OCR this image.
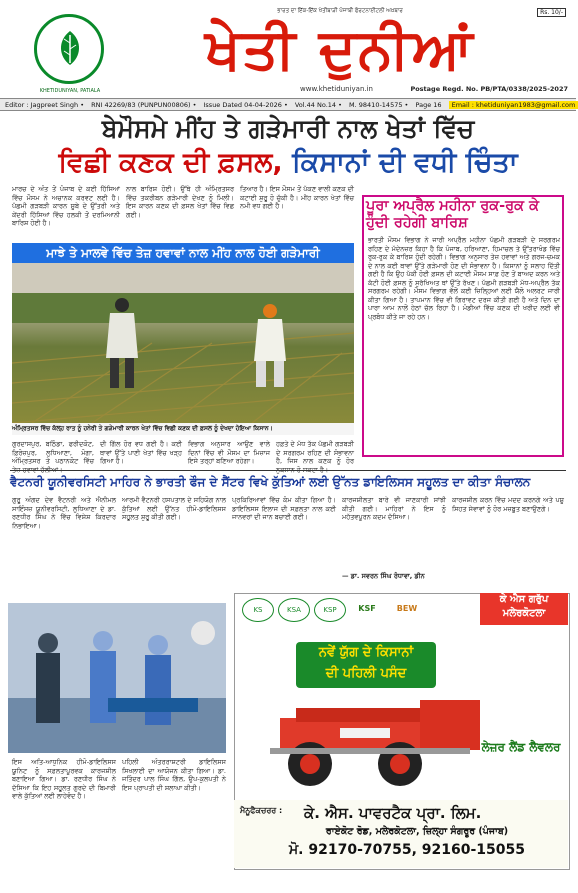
KHETIDUNIYAN, PATIALA
ਭਾਰਤ ਦਾ ਇੱਕ-ਇੱਕ ਖੇਤੀਬਾੜੀ ਪੰਜਾਬੀ ਫੋਰਟਨਾਈਟਲੀ ਅਖ਼ਬਾਰ
ਖੇਤੀ ਦੁਨੀਆਂ
Rs. 10/-
www.khetiduniyan.in	Postage Regd. No. PB/PTA/0338/2025-2027
Editor : Jagpreet Singh • RNI 42269/83 (PUNPUN00806) • Issue Dated 04-04-2026 • Vol.44 No.14 • M. 98410-14575 • Page 16 Email : khetiduniyan1983@gmail.com
ਬੇਮੌਸਮੇ ਮੀਂਹ ਤੇ ਗੜੇਮਾਰੀ ਨਾਲ ਖੇਤਾਂ ਵਿੱਚ
ਵਿਛੀ ਕਣਕ ਦੀ ਫ਼ਸਲ, ਕਿਸਾਨਾਂ ਦੀ ਵਧੀ ਚਿੰਤਾ
ਮਾਰਚ ਦੇ ਅੰਤ ਤੋਂ ਪੰਜਾਬ ਦੇ ਕਈ ਹਿੱਸਿਆਂ ਵਿੱਚ ਮੌਸਮ ਨੇ ਅਚਾਨਕ ਕਰਵਟ ਲਈ ਹੈ। ਪੱਛਮੀ ਗੜਬੜੀ ਕਾਰਨ ਸੂਬੇ ਦੇ ਉੱਤਰੀ ਅਤੇ ਕੇਂਦਰੀ ਹਿੱਸਿਆਂ ਵਿੱਚ ਹਲਕੀ ਤੋਂ ਦਰਮਿਆਨੀ ਬਾਰਿਸ਼ ਹੋਈ ਹੈ।
ਨਾਲ ਬਾਰਿਸ਼ ਹੋਈ। ਉੱਥੇ ਹੀ ਅੰਮ੍ਰਿਤਸਰ ਵਿੱਚ ਤਕਰੀਬਨ ਗੜੇਮਾਰੀ ਦੇਖਣ ਨੂੰ ਮਿਲੀ। ਇਸ ਕਾਰਨ ਕਣਕ ਦੀ ਫ਼ਸਲ ਖੇਤਾਂ ਵਿੱਚ ਵਿਛ ਗਈ।
ਤਿਆਰ ਹੈ। ਇਸ ਮੌਸਮ ਤੋਂ ਪੱਕਣ ਵਾਲੀ ਕਣਕ ਦੀ ਕਟਾਈ ਸ਼ੁਰੂ ਹੋ ਚੁੱਕੀ ਹੈ। ਮੀਂਹ ਕਾਰਨ ਖੇਤਾਂ ਵਿੱਚ ਨਮੀ ਵਧ ਗਈ ਹੈ।
ਮਾਝੇ ਤੇ ਮਾਲਵੇ ਵਿੱਚ ਤੇਜ਼ ਹਵਾਵਾਂ ਨਾਲ ਮੀਂਹ ਨਾਲ ਹੋਈ ਗੜੇਮਾਰੀ
ਅੰਮ੍ਰਿਤਸਰ ਵਿੱਚ ਕੱਲ੍ਹ ਰਾਤ ਨੂੰ ਹਨੇਰੀ ਤੇ ਗੜੇਮਾਰੀ ਕਾਰਨ ਖੇਤਾਂ ਵਿੱਚ ਵਿਛੀ ਕਣਕ ਦੀ ਫ਼ਸਲ ਨੂੰ ਦੇਖਦਾ ਹੋਇਆ ਕਿਸਾਨ।
ਗੁਰਦਾਸਪੁਰ, ਬਠਿੰਡਾ, ਫਰੀਦਕੋਟ, ਫ਼ਿਰੋਜ਼ਪੁਰ, ਲੁਧਿਆਣਾ, ਮੋਗਾ, ਅੰਮ੍ਰਿਤਸਰ ਤੇ ਪਠਾਨਕੋਟ ਵਿੱਚ
ਦੀ ਗਿੱਲ ਹੋਰ ਵਧ ਗਈ ਹੈ। ਕਈ ਥਾਵਾਂ ਉੱਤੇ ਪਾਣੀ ਖੇਤਾਂ ਵਿੱਚ ਖੜ੍ਹ ਗਿਆ ਹੈ।
ਵਿਭਾਗ ਅਨੁਸਾਰ ਆਉਣ ਵਾਲੇ ਦਿਨਾਂ ਵਿੱਚ ਵੀ ਮੌਸਮ ਦਾ ਮਿਜ਼ਾਜ ਇਸੇ ਤਰ੍ਹਾਂ ਬਣਿਆ ਰਹੇਗਾ।
ਹਫ਼ਤੇ ਦੇ ਮੱਧ ਤੱਕ ਪੱਛਮੀ ਗੜਬੜੀ ਦੇ ਸਰਗਰਮ ਰਹਿਣ ਦੀ ਸੰਭਾਵਨਾ ਹੈ, ਜਿਸ ਨਾਲ ਕਣਕ ਨੂੰ ਹੋਰ
ਪੂਰਾ ਅਪ੍ਰੈਲ ਮਹੀਨਾ ਰੁਕ-ਰੁਕ ਕੇ ਹੁੰਦੀ ਰਹੇਗੀ ਬਾਰਿਸ਼
ਭਾਰਤੀ ਮੌਸਮ ਵਿਭਾਗ ਨੇ ਜਾਰੀ ਅਪ੍ਰੈਲ ਮਹੀਨਾ ਪੱਛਮੀ ਗੜਬੜੀ ਦੇ ਸਰਗਰਮ ਰਹਿਣ ਦੇ ਮੱਦੇਨਜ਼ਰ ਕਿਹਾ ਹੈ ਕਿ ਪੰਜਾਬ, ਹਰਿਆਣਾ, ਹਿਮਾਚਲ ਤੇ ਉੱਤਰਾਖੰਡ ਵਿੱਚ ਰੁਕ-ਰੁਕ ਕੇ ਬਾਰਿਸ਼ ਹੁੰਦੀ ਰਹੇਗੀ। ਵਿਭਾਗ ਅਨੁਸਾਰ ਤੇਜ਼ ਹਵਾਵਾਂ ਅਤੇ ਗਰਜ-ਚਮਕ ਦੇ ਨਾਲ ਕਈ ਥਾਵਾਂ ਉੱਤੇ ਗੜੇਮਾਰੀ ਹੋਣ ਦੀ ਸੰਭਾਵਨਾ ਹੈ। ਕਿਸਾਨਾਂ ਨੂੰ ਸਲਾਹ ਦਿੱਤੀ ਗਈ ਹੈ ਕਿ ਉਹ ਪੱਕੀ ਹੋਈ ਫ਼ਸਲ ਦੀ ਕਟਾਈ ਮੌਸਮ ਸਾਫ਼ ਹੋਣ ਤੋਂ ਬਾਅਦ ਕਰਨ ਅਤੇ ਕੱਟੀ ਹੋਈ ਫ਼ਸਲ ਨੂੰ ਸੁਰੱਖਿਅਤ ਥਾਂ ਉੱਤੇ ਰੱਖਣ। ਪੱਛਮੀ ਗੜਬੜੀ ਮੱਧ-ਅਪ੍ਰੈਲ ਤੱਕ ਸਰਗਰਮ ਰਹੇਗੀ। ਮੌਸਮ ਵਿਭਾਗ ਵੱਲੋਂ ਕਈ ਜ਼ਿਲ੍ਹਿਆਂ ਲਈ ਯੈਲੋ ਅਲਰਟ ਜਾਰੀ ਕੀਤਾ ਗਿਆ ਹੈ। ਤਾਪਮਾਨ ਵਿੱਚ ਵੀ ਗਿਰਾਵਟ ਦਰਜ ਕੀਤੀ ਗਈ ਹੈ ਅਤੇ ਦਿਨ ਦਾ ਪਾਰਾ ਆਮ ਨਾਲੋਂ ਹੇਠਾਂ ਚੱਲ ਰਿਹਾ ਹੈ। ਮੰਡੀਆਂ ਵਿੱਚ ਕਣਕ ਦੀ ਖਰੀਦ ਲਈ ਵੀ ਪ੍ਰਬੰਧ ਕੀਤੇ ਜਾ ਰਹੇ ਹਨ।
ਵੈਟਨਰੀ ਯੂਨੀਵਰਸਿਟੀ ਮਾਹਿਰ ਨੇ ਭਾਰਤੀ ਫੌਜ ਦੇ ਸੈਂਟਰ ਵਿਖੇ ਕੁੱਤਿਆਂ ਲਈ ਉੱਨਤ ਡਾਇਲਿਸਸ ਸਹੂਲਤ ਦਾ ਕੀਤਾ ਸੰਚਾਲਨ
ਗੁਰੂ ਅੰਗਦ ਦੇਵ ਵੈਟਨਰੀ ਅਤੇ ਐਨੀਮਲ ਸਾਇੰਸਜ਼ ਯੂਨੀਵਰਸਿਟੀ, ਲੁਧਿਆਣਾ ਦੇ ਡਾ. ਰਣਧੀਰ ਸਿੰਘ ਨੇ ਵਿੱਚ ਵਿਸ਼ੇਸ਼ ਕਿਰਦਾਰ ਨਿਭਾਇਆ।
ਆਰਮੀ ਵੈਟਨਰੀ ਹਸਪਤਾਲ ਦੇ ਸਹਿਯੋਗ ਨਾਲ ਕੁੱਤਿਆਂ ਲਈ ਉੱਨਤ ਹੀਮੋ-ਡਾਇਲਿਸਸ ਸਹੂਲਤ ਸ਼ੁਰੂ ਕੀਤੀ ਗਈ।
ਪ੍ਰਕਿਰਿਆਵਾਂ ਵਿੱਚ ਕੰਮ ਕੀਤਾ ਗਿਆ ਹੈ। ਡਾਇਲਿਸਸ ਇਲਾਜ ਦੀ ਸਫ਼ਲਤਾ ਨਾਲ ਕਈ ਜਾਨਵਰਾਂ ਦੀ ਜਾਨ ਬਚਾਈ ਗਈ।
ਕਾਰਜਸ਼ੀਲਤਾ ਬਾਰੇ ਵੀ ਜਾਣਕਾਰੀ ਸਾਂਝੀ ਕੀਤੀ ਗਈ। ਮਾਹਿਰਾਂ ਨੇ ਇਸ ਨੂੰ ਮਹੱਤਵਪੂਰਨ ਕਦਮ ਦੱਸਿਆ।
ਕਾਰਜਸ਼ੀਲ ਕਰਨ ਵਿੱਚ ਮਦਦ ਕਰਨਗੇ ਅਤੇ ਪਸ਼ੂ ਸਿਹਤ ਸੇਵਾਵਾਂ ਨੂੰ ਹੋਰ ਮਜ਼ਬੂਤ ਬਣਾਉਣਗੇ।
— ਡਾ. ਸਵਰਨ ਸਿੰਘ ਰੰਧਾਵਾ, ਡੀਨ
ਇਸ ਅਤਿ-ਆਧੁਨਿਕ ਹੀਮੋ-ਡਾਇਲਿਸਸ ਯੂਨਿਟ ਨੂੰ ਸਫ਼ਲਤਾਪੂਰਵਕ ਕਾਰਜਸ਼ੀਲ ਬਣਾਇਆ ਗਿਆ। ਡਾ. ਰਣਧੀਰ ਸਿੰਘ ਨੇ ਦੱਸਿਆ ਕਿ ਇਹ ਸਹੂਲਤ ਗੁਰਦੇ ਦੀ ਬਿਮਾਰੀ ਵਾਲੇ ਕੁੱਤਿਆਂ ਲਈ ਲਾਹੇਵੰਦ ਹੈ।
ਪਹਿਲੀ ਅੰਤਰਰਾਸ਼ਟਰੀ ਡਾਇਲਿਸਸ ਸਿਖਲਾਈ ਦਾ ਆਯੋਜਨ ਕੀਤਾ ਗਿਆ। ਡਾ. ਜਤਿੰਦਰ ਪਾਲ ਸਿੰਘ ਗਿੱਲ, ਉਪ-ਕੁਲਪਤੀ ਨੇ ਇਸ ਪ੍ਰਾਪਤੀ ਦੀ ਸ਼ਲਾਘਾ ਕੀਤੀ।
KS	KSA	KSP	KSF	BEW
ਕੇ ਐਸ ਗਰੁੱਪ ਮਲੇਰਕੋਟਲਾ
ਨਵੇਂ ਯੁੱਗ ਦੇ ਕਿਸਾਨਾਂ
ਦੀ ਪਹਿਲੀ ਪਸੰਦ
ਲੇਜ਼ਰ ਲੈਂਡ ਲੈਵਲਰ
ਮੈਨੂਫੈਕਚਰਰ :	ਕੇ. ਐਸ. ਪਾਵਰਟੈਕ ਪ੍ਰਾ. ਲਿਮ.
ਰਾਏਕੋਟ ਰੋਡ, ਮਲੇਰਕੋਟਲਾ, ਜ਼ਿਲ੍ਹਾ ਸੰਗਰੂਰ (ਪੰਜਾਬ)
ਮੋ. 92170-70755, 92160-15055
